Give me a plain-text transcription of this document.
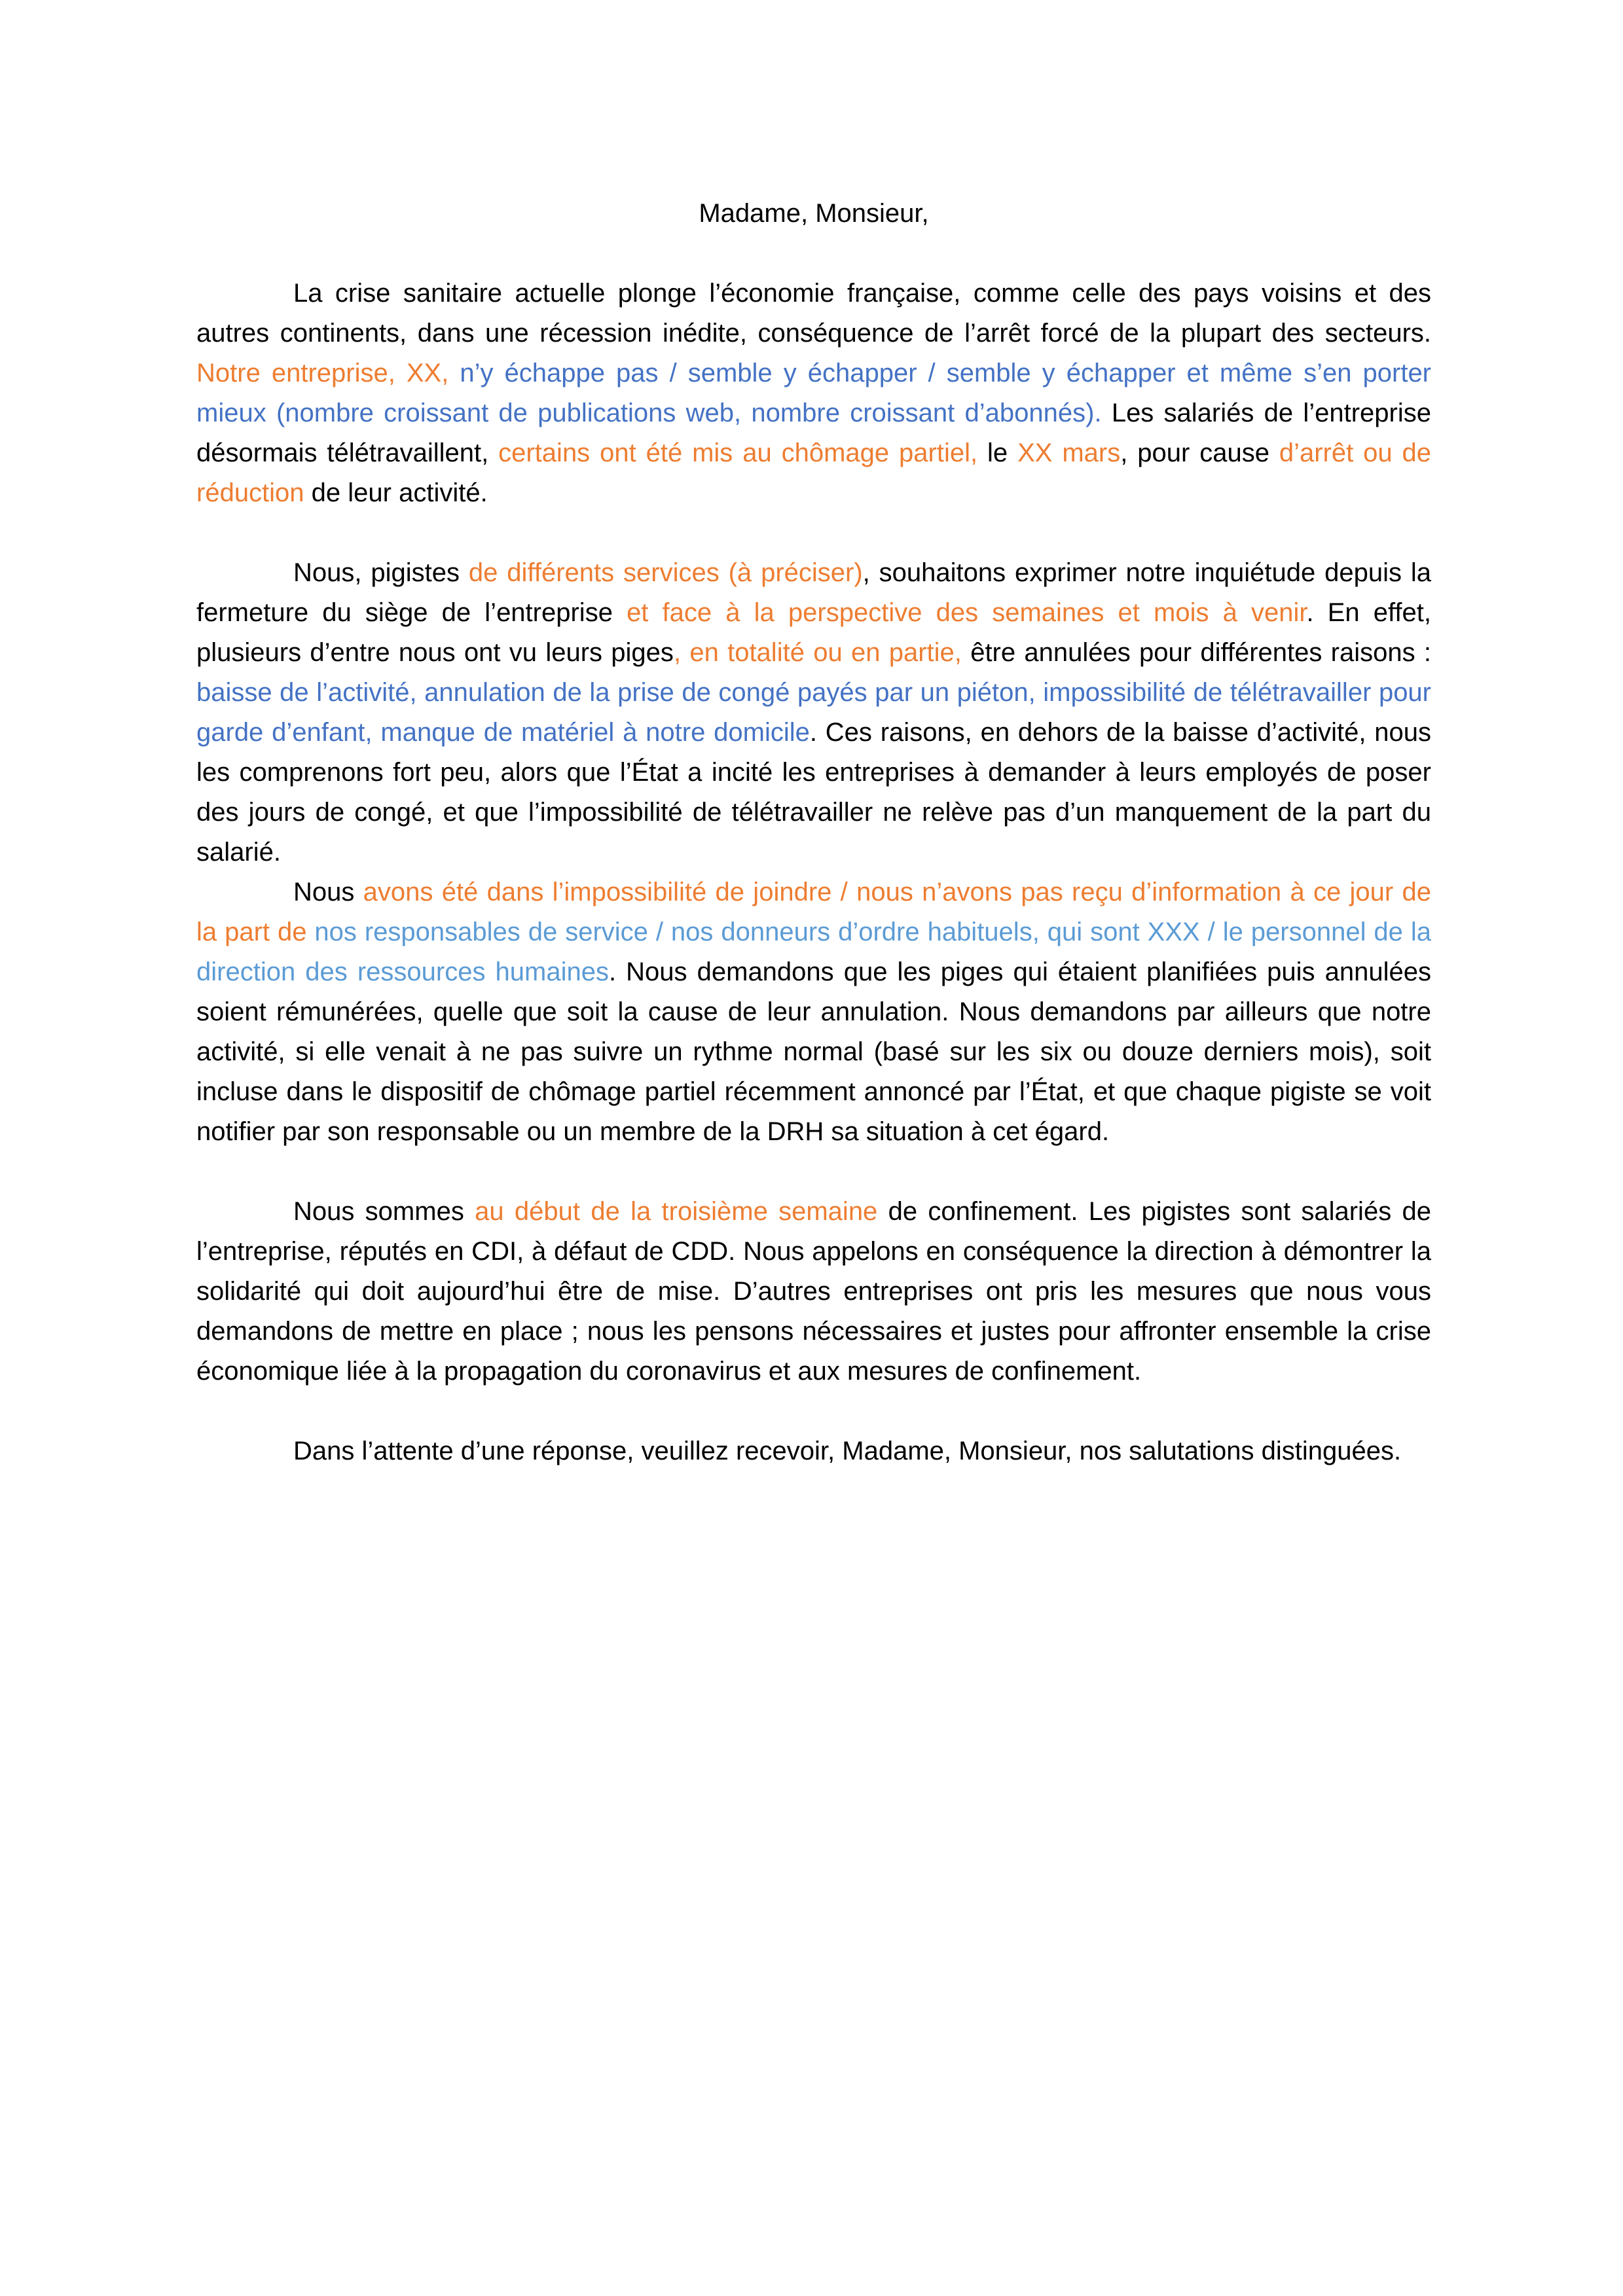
Madame, Monsieur,

La crise sanitaire actuelle plonge l’économie française, comme celle des pays voisins et des autres continents, dans une récession inédite, conséquence de l’arrêt forcé de la plupart des secteurs. Notre entreprise, XX, n’y échappe pas / semble y échapper / semble y échapper et même s’en porter mieux (nombre croissant de publications web, nombre croissant d’abonnés). Les salariés de l’entreprise désormais télétravaillent, certains ont été mis au chômage partiel, le XX mars, pour cause d’arrêt ou de réduction de leur activité.

Nous, pigistes de différents services (à préciser), souhaitons exprimer notre inquiétude depuis la fermeture du siège de l’entreprise et face à la perspective des semaines et mois à venir. En effet, plusieurs d’entre nous ont vu leurs piges, en totalité ou en partie, être annulées pour différentes raisons : baisse de l’activité, annulation de la prise de congé payés par un piéton, impossibilité de télétravailler pour garde d’enfant, manque de matériel à notre domicile. Ces raisons, en dehors de la baisse d’activité, nous les comprenons fort peu, alors que l’État a incité les entreprises à demander à leurs employés de poser des jours de congé, et que l’impossibilité de télétravailler ne relève pas d’un manquement de la part du salarié.

Nous avons été dans l’impossibilité de joindre / nous n’avons pas reçu d’information à ce jour de la part de nos responsables de service / nos donneurs d’ordre habituels, qui sont XXX / le personnel de la direction des ressources humaines. Nous demandons que les piges qui étaient planifiées puis annulées soient rémunérées, quelle que soit la cause de leur annulation. Nous demandons par ailleurs que notre activité, si elle venait à ne pas suivre un rythme normal (basé sur les six ou douze derniers mois), soit incluse dans le dispositif de chômage partiel récemment annoncé par l’État, et que chaque pigiste se voit notifier par son responsable ou un membre de la DRH sa situation à cet égard.

Nous sommes au début de la troisième semaine de confinement. Les pigistes sont salariés de l’entreprise, réputés en CDI, à défaut de CDD. Nous appelons en conséquence la direction à démontrer la solidarité qui doit aujourd’hui être de mise. D’autres entreprises ont pris les mesures que nous vous demandons de mettre en place ; nous les pensons nécessaires et justes pour affronter ensemble la crise économique liée à la propagation du coronavirus et aux mesures de confinement.

Dans l’attente d’une réponse, veuillez recevoir, Madame, Monsieur, nos salutations distinguées.
